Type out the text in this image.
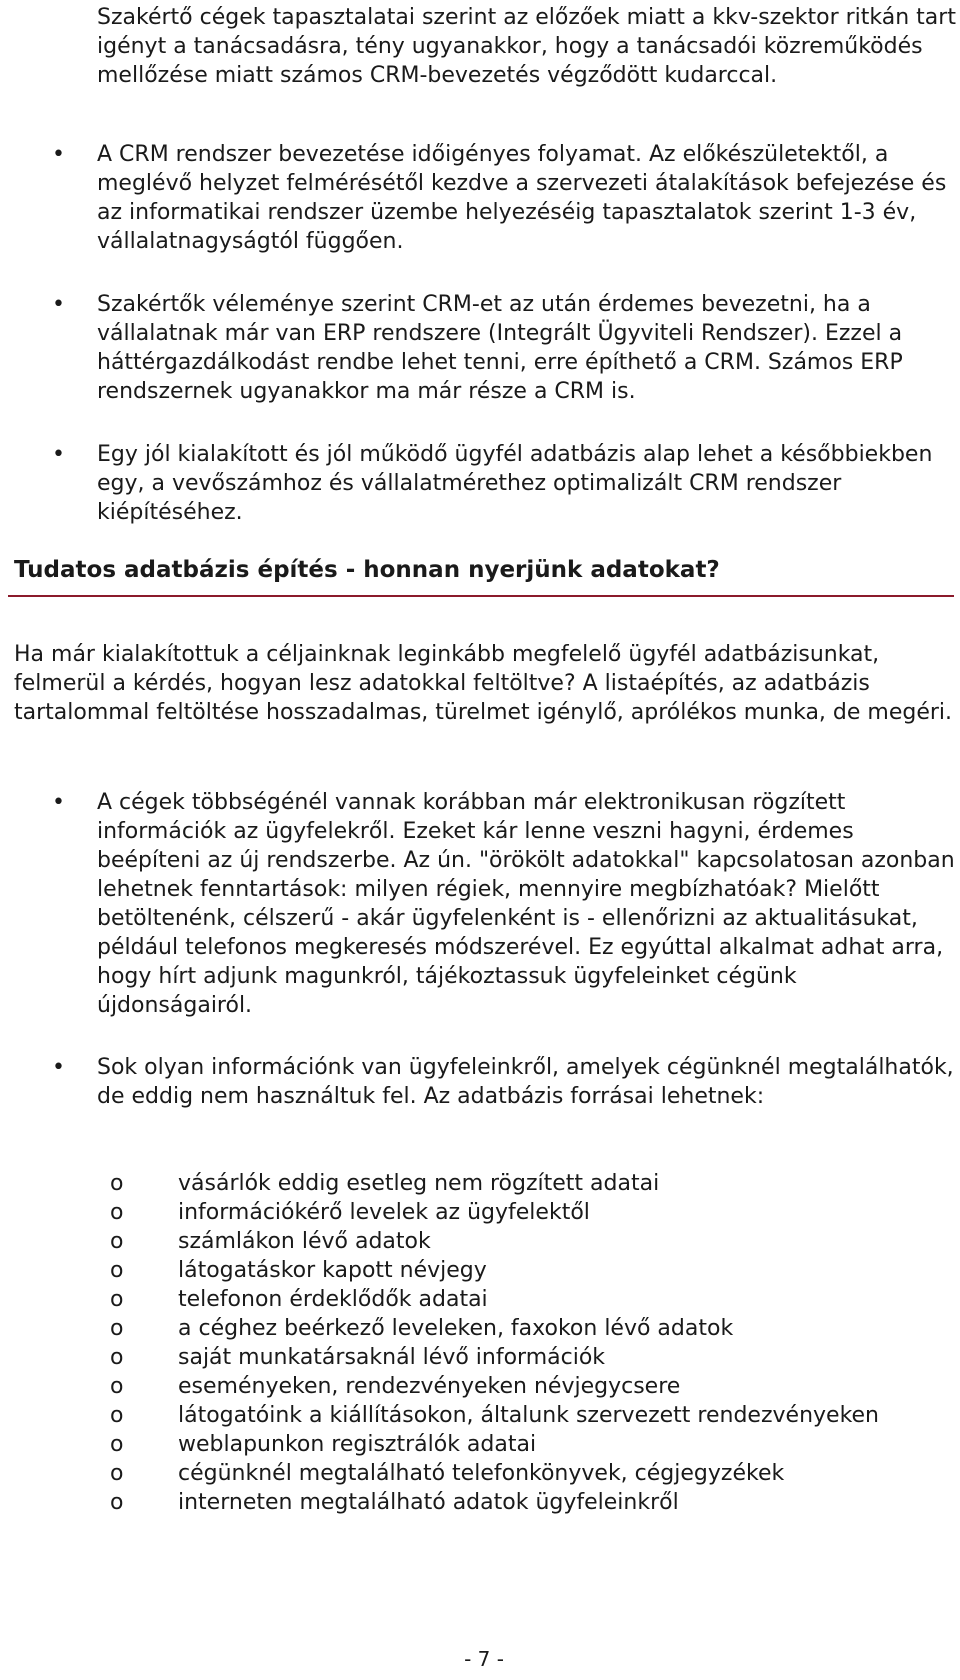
Szakértő cégek tapasztalatai szerint az előzőek miatt a kkv-szektor ritkán tart igényt a tanácsadásra, tény ugyanakkor, hogy a tanácsadói közreműködés mellőzése miatt számos CRM-bevezetés végződött kudarccal.
•	A CRM rendszer bevezetése időigényes folyamat. Az előkészületektől, a meglévő helyzet felmérésétől kezdve a szervezeti átalakítások befejezése és az informatikai rendszer üzembe helyezéséig tapasztalatok szerint 1-3 év, vállalatnagyságtól függően.
•	Szakértők véleménye szerint CRM-et az után érdemes bevezetni, ha a vállalatnak már van ERP rendszere (Integrált Ügyviteli Rendszer). Ezzel a háttérgazdálkodást rendbe lehet tenni, erre építhető a CRM. Számos ERP rendszernek ugyanakkor ma már része a CRM is.
•	Egy jól kialakított és jól működő ügyfél adatbázis alap lehet a későbbiekben egy, a vevőszámhoz és vállalatmérethez optimalizált CRM rendszer kiépítéséhez.
Tudatos adatbázis építés - honnan nyerjünk adatokat?
Ha már kialakítottuk a céljainknak leginkább megfelelő ügyfél adatbázisunkat, felmerül a kérdés, hogyan lesz adatokkal feltöltve? A listaépítés, az adatbázis tartalommal feltöltése hosszadalmas, türelmet igénylő, aprólékos munka, de megéri.
•	A cégek többségénél vannak korábban már elektronikusan rögzített információk az ügyfelekről. Ezeket kár lenne veszni hagyni, érdemes beépíteni az új rendszerbe. Az ún. "örökölt adatokkal" kapcsolatosan azonban lehetnek fenntartások: milyen régiek, mennyire megbízhatóak? Mielőtt betöltenénk, célszerű - akár ügyfelenként is - ellenőrizni az aktualitásukat, például telefonos megkeresés módszerével. Ez egyúttal alkalmat adhat arra, hogy hírt adjunk magunkról, tájékoztassuk ügyfeleinket cégünk újdonságairól.
•	Sok olyan információnk van ügyfeleinkről, amelyek cégünknél megtalálhatók, de eddig nem használtuk fel. Az adatbázis forrásai lehetnek:
o vásárlók eddig esetleg nem rögzített adatai
o információkérő levelek az ügyfelektől
o számlákon lévő adatok
o látogatáskor kapott névjegy
o telefonon érdeklődők adatai
o a céghez beérkező leveleken, faxokon lévő adatok
o saját munkatársaknál lévő információk
o eseményeken, rendezvényeken névjegycsere
o látogatóink a kiállításokon, általunk szervezett rendezvényeken
o weblapunkon regisztrálók adatai
o cégünknél megtalálható telefonkönyvek, cégjegyzékek
o interneten megtalálható adatok ügyfeleinkről
- 7 -
